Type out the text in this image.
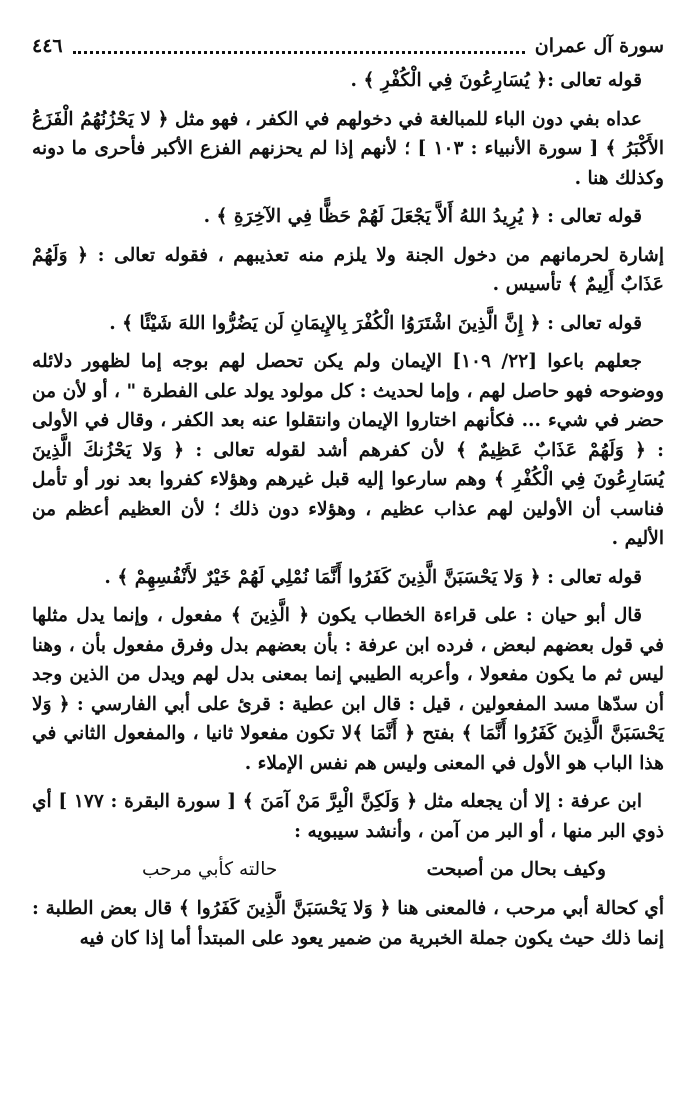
سورة آل عمران
٤٤٦

قوله تعالى :﴿ يُسَارِعُونَ فِي الْكُفْرِ ﴾ .

عداه بفي دون الباء للمبالغة في دخولهم في الكفر ، فهو مثل ﴿ لا يَحْزُنُهُمُ الْفَزَعُ الأَكْبَرُ ﴾ [ سورة الأنبياء : ١٠٣ ] ؛ لأنهم إذا لم يحزنهم الفزع الأكبر فأحرى ما دونه وكذلك هنا .

قوله تعالى : ﴿ يُرِيدُ اللهُ أَلاَّ يَجْعَلَ لَهُمْ حَظًّا فِي الآخِرَةِ ﴾ .

إشارة لحرمانهم من دخول الجنة ولا يلزم منه تعذيبهم ، فقوله تعالى : ﴿ وَلَهُمْ عَذَابٌ أَلِيمٌ ﴾ تأسيس .

قوله تعالى : ﴿ إِنَّ الَّذِينَ اشْتَرَوُا الْكُفْرَ بِالإِيمَانِ لَن يَضُرُّوا اللهَ شَيْئًا ﴾ .

جعلهم باعوا [٢٢/ ١٠٩] الإيمان ولم يكن تحصل لهم بوجه إما لظهور دلائله ووضوحه فهو حاصل لهم ، وإما لحديث : كل مولود يولد على الفطرة " ، أو لأن من حضر في شيء ... فكأنهم اختاروا الإيمان وانتقلوا عنه بعد الكفر ، وقال في الأولى : ﴿ وَلَهُمْ عَذَابٌ عَظِيمٌ ﴾ لأن كفرهم أشد لقوله تعالى : ﴿ وَلا يَحْزُنكَ الَّذِينَ يُسَارِعُونَ فِي الْكُفْرِ ﴾ وهم سارعوا إليه قبل غيرهم وهؤلاء كفروا بعد نور أو تأمل فناسب أن الأولين لهم عذاب عظيم ، وهؤلاء دون ذلك ؛ لأن العظيم أعظم من الأليم .

قوله تعالى : ﴿ وَلا يَحْسَبَنَّ الَّذِينَ كَفَرُوا أَنَّمَا نُمْلِي لَهُمْ خَيْرٌ لأَنْفُسِهِمْ ﴾ .

قال أبو حيان : على قراءة الخطاب يكون ﴿ الَّذِينَ ﴾ مفعول ، وإنما يدل مثلها في قول بعضهم لبعض ، فرده ابن عرفة : بأن بعضهم بدل وفرق مفعول بأن ، وهنا ليس ثم ما يكون مفعولا ، وأعربه الطيبي إنما بمعنى بدل لهم ويدل من الذين وجد أن سدّها مسد المفعولين ، قيل : قال ابن عطية : قرئ على أبي الفارسي : ﴿ وَلا يَحْسَبَنَّ الَّذِينَ كَفَرُوا أَنَّمَا ﴾ بفتح ﴿ أَنَّمَا ﴾لا تكون مفعولا ثانيا ، والمفعول الثاني في هذا الباب هو الأول في المعنى وليس هم نفس الإملاء .

ابن عرفة : إلا أن يجعله مثل ﴿ وَلَكِنَّ الْبِرَّ مَنْ آمَنَ ﴾ [ سورة البقرة : ١٧٧ ] أي ذوي البر منها ، أو البر من آمن ، وأنشد سيبويه :

وكيف بحال من أصبحت
حالته كأبي مرحب

أي كحالة أبي مرحب ، فالمعنى هنا ﴿ وَلا يَحْسَبَنَّ الَّذِينَ كَفَرُوا ﴾ قال بعض الطلبة : إنما ذلك حيث يكون جملة الخبرية من ضمير يعود على المبتدأ أما إذا كان فيه
